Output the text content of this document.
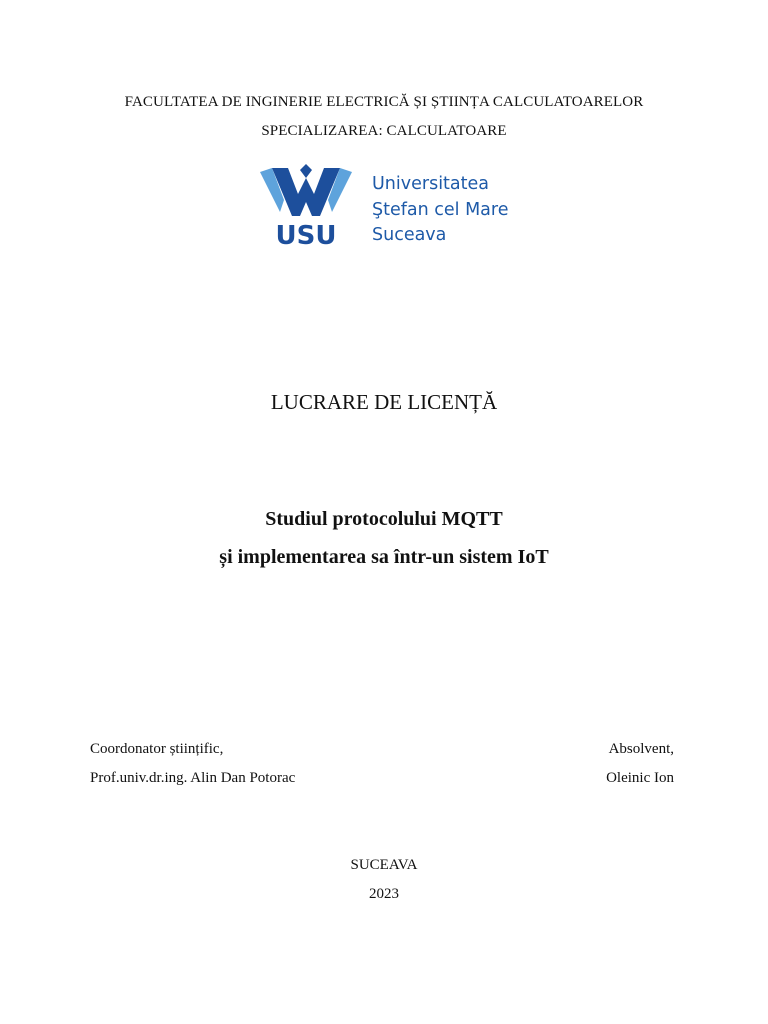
FACULTATEA DE INGINERIE ELECTRICĂ ȘI ȘTIINȚA CALCULATOARELOR
SPECIALIZAREA: CALCULATOARE
USU
Universitatea
Ştefan cel Mare
Suceava
LUCRARE DE LICENȚĂ
Studiul protocolului MQTT
și implementarea sa într-un sistem IoT
Coordonator științific,
Prof.univ.dr.ing. Alin Dan Potorac
Absolvent,
Oleinic Ion
SUCEAVA
2023
